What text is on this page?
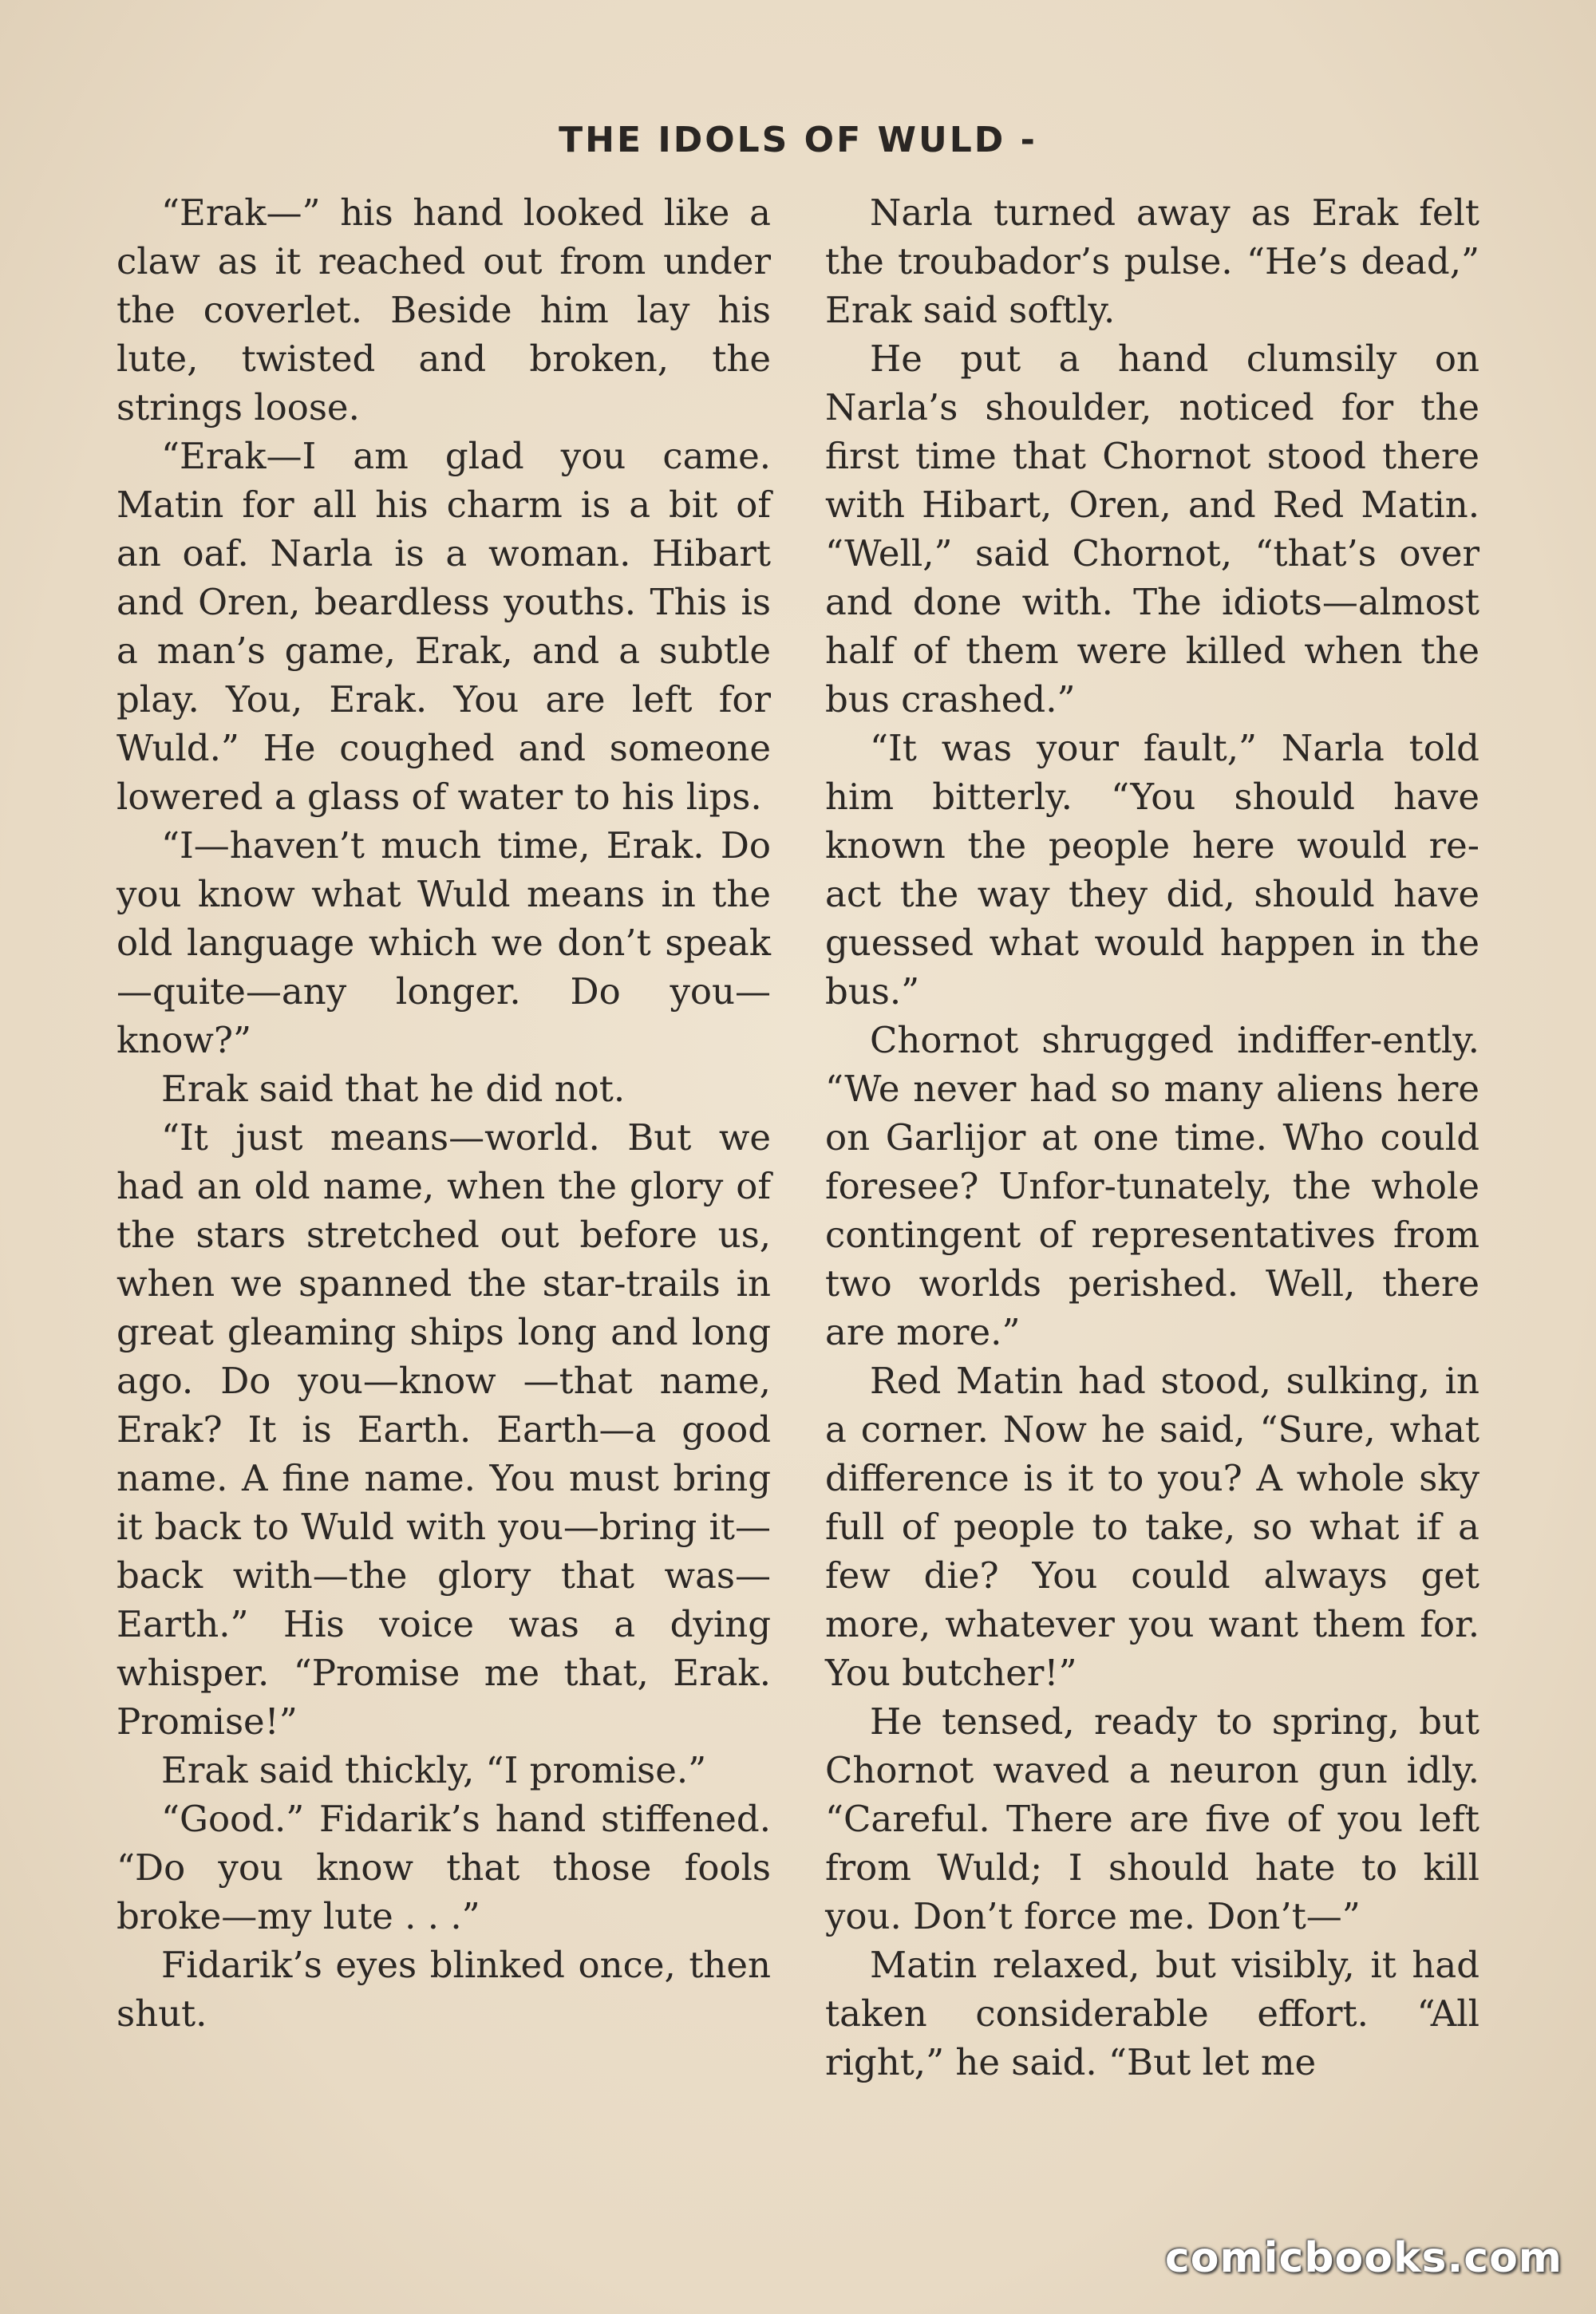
THE IDOLS OF WULD -

“Erak—” his hand looked like a claw as it reached out from under the coverlet. Beside him lay his lute, twisted and broken, the strings loose.

“Erak—I am glad you came. Matin for all his charm is a bit of an oaf. Narla is a woman. Hibart and Oren, beardless youths. This is a man’s game, Erak, and a subtle play. You, Erak. You are left for Wuld.” He coughed and someone lowered a glass of water to his lips.

“I—haven’t much time, Erak. Do you know what Wuld means in the old language which we don’t speak—quite—any longer. Do you—know?”

Erak said that he did not.

“It just means—world. But we had an old name, when the glory of the stars stretched out before us, when we spanned the star-trails in great gleaming ships long and long ago. Do you—know —that name, Erak? It is Earth. Earth—a good name. A fine name. You must bring it back to Wuld with you—bring it—back with—the glory that was—Earth.” His voice was a dying whisper. “Promise me that, Erak. Promise!”

Erak said thickly, “I promise.”

“Good.” Fidarik’s hand stiffened. “Do you know that those fools broke—my lute . . .”

Fidarik’s eyes blinked once, then shut.

Narla turned away as Erak felt the troubador’s pulse. “He’s dead,” Erak said softly.

He put a hand clumsily on Narla’s shoulder, noticed for the first time that Chornot stood there with Hibart, Oren, and Red Matin. “Well,” said Chornot, “that’s over and done with. The idiots—almost half of them were killed when the bus crashed.”

“It was your fault,” Narla told him bitterly. “You should have known the people here would re-act the way they did, should have guessed what would happen in the bus.”

Chornot shrugged indiffer-ently. “We never had so many aliens here on Garlijor at one time. Who could foresee? Unfor-tunately, the whole contingent of representatives from two worlds perished. Well, there are more.”

Red Matin had stood, sulking, in a corner. Now he said, “Sure, what difference is it to you? A whole sky full of people to take, so what if a few die? You could always get more, whatever you want them for. You butcher!”

He tensed, ready to spring, but Chornot waved a neuron gun idly. “Careful. There are five of you left from Wuld; I should hate to kill you. Don’t force me. Don’t—”

Matin relaxed, but visibly, it had taken considerable effort. “All right,” he said. “But let me

comicbooks.com
